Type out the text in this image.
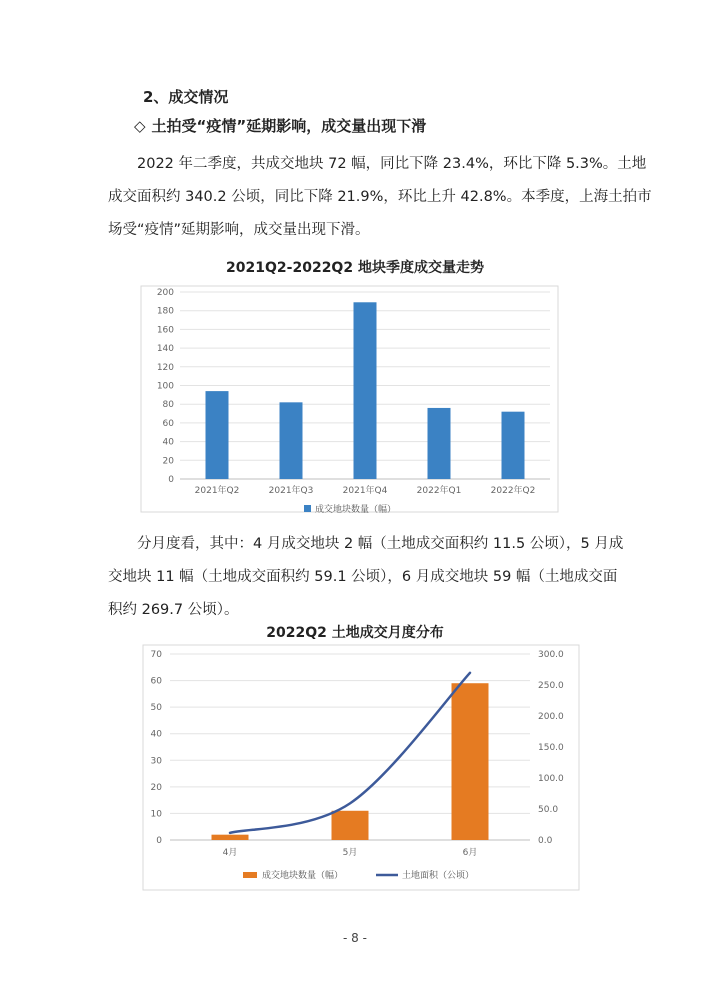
2、成交情况
◇ 土拍受“疫情”延期影响，成交量出现下滑
2022 年二季度，共成交地块 72 幅，同比下降 23.4%，环比下降 5.3%。土地
成交面积约 340.2 公顷，同比下降 21.9%，环比上升 42.8%。本季度，上海土拍市
场受“疫情”延期影响，成交量出现下滑。
2021Q2-2022Q2 地块季度成交量走势
0
20
40
60
80
100
120
140
160
180
200
2021年Q2	2021年Q3	2021年Q4	2022年Q1	2022年Q2
成交地块数量（幅）
分月度看，其中：4 月成交地块 2 幅（土地成交面积约 11.5 公顷），5 月成
交地块 11 幅（土地成交面积约 59.1 公顷），6 月成交地块 59 幅（土地成交面
积约 269.7 公顷）。
2022Q2 土地成交月度分布
0
10
20
30
40
50
60
70
0.0
50.0
100.0
150.0
200.0
250.0
300.0
4月	5月	6月
成交地块数量（幅）	土地面积（公顷）
- 8 -
